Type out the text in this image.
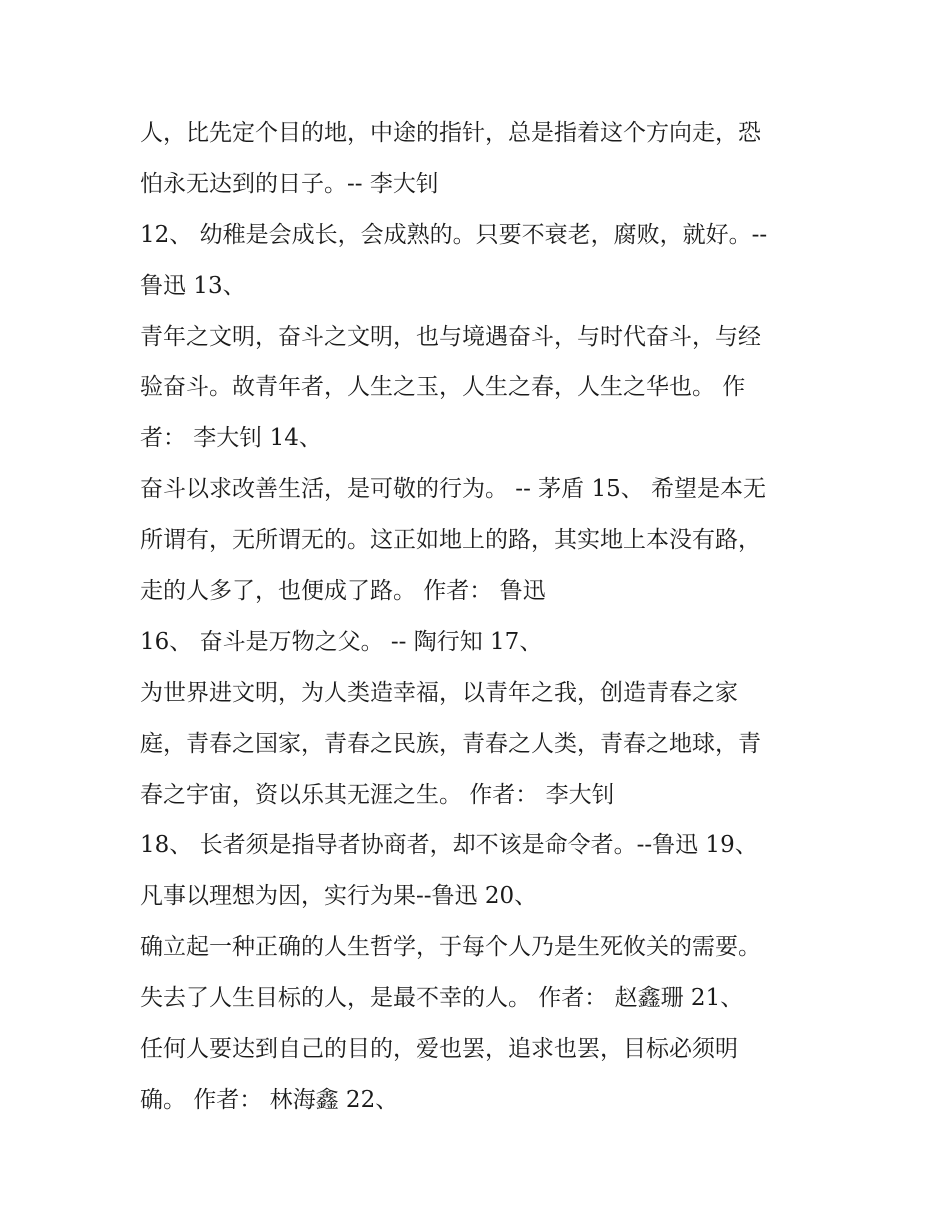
人，比先定个目的地，中途的指针，总是指着这个方向走，恐
怕永无达到的日子。-- 李大钊
12、 幼稚是会成长，会成熟的。只要不衰老，腐败，就好。--
鲁迅 13、
青年之文明，奋斗之文明，也与境遇奋斗，与时代奋斗，与经
验奋斗。故青年者，人生之玉，人生之春，人生之华也。 作
者： 李大钊 14、
奋斗以求改善生活，是可敬的行为。 -- 茅盾 15、 希望是本无
所谓有，无所谓无的。这正如地上的路，其实地上本没有路，
走的人多了，也便成了路。 作者： 鲁迅
16、 奋斗是万物之父。 -- 陶行知 17、
为世界进文明，为人类造幸福，以青年之我，创造青春之家
庭，青春之国家，青春之民族，青春之人类，青春之地球，青
春之宇宙，资以乐其无涯之生。 作者： 李大钊
18、 长者须是指导者协商者，却不该是命令者。--鲁迅 19、
凡事以理想为因，实行为果--鲁迅 20、
确立起一种正确的人生哲学，于每个人乃是生死攸关的需要。
失去了人生目标的人，是最不幸的人。 作者： 赵鑫珊 21、
任何人要达到自己的目的，爱也罢，追求也罢，目标必须明
确。 作者： 林海鑫 22、
